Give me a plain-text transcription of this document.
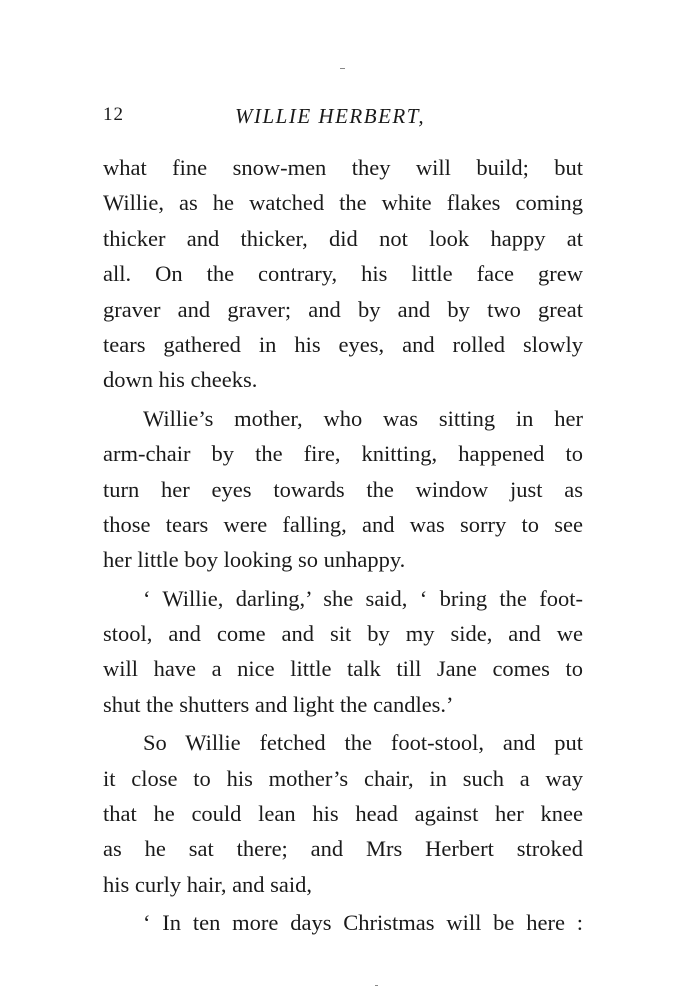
12	WILLIE HERBERT,
what fine snow-men they will build; but
Willie, as he watched the white flakes coming
thicker and thicker, did not look happy at
all. On the contrary, his little face grew
graver and graver; and by and by two great
tears gathered in his eyes, and rolled slowly
down his cheeks.
Willie’s mother, who was sitting in her
arm-chair by the fire, knitting, happened to
turn her eyes towards the window just as
those tears were falling, and was sorry to see
her little boy looking so unhappy.
‘ Willie, darling,’ she said, ‘ bring the foot-
stool, and come and sit by my side, and we
will have a nice little talk till Jane comes to
shut the shutters and light the candles.’
So Willie fetched the foot-stool, and put
it close to his mother’s chair, in such a way
that he could lean his head against her knee
as he sat there; and Mrs Herbert stroked
his curly hair, and said,
‘ In ten more days Christmas will be here :
